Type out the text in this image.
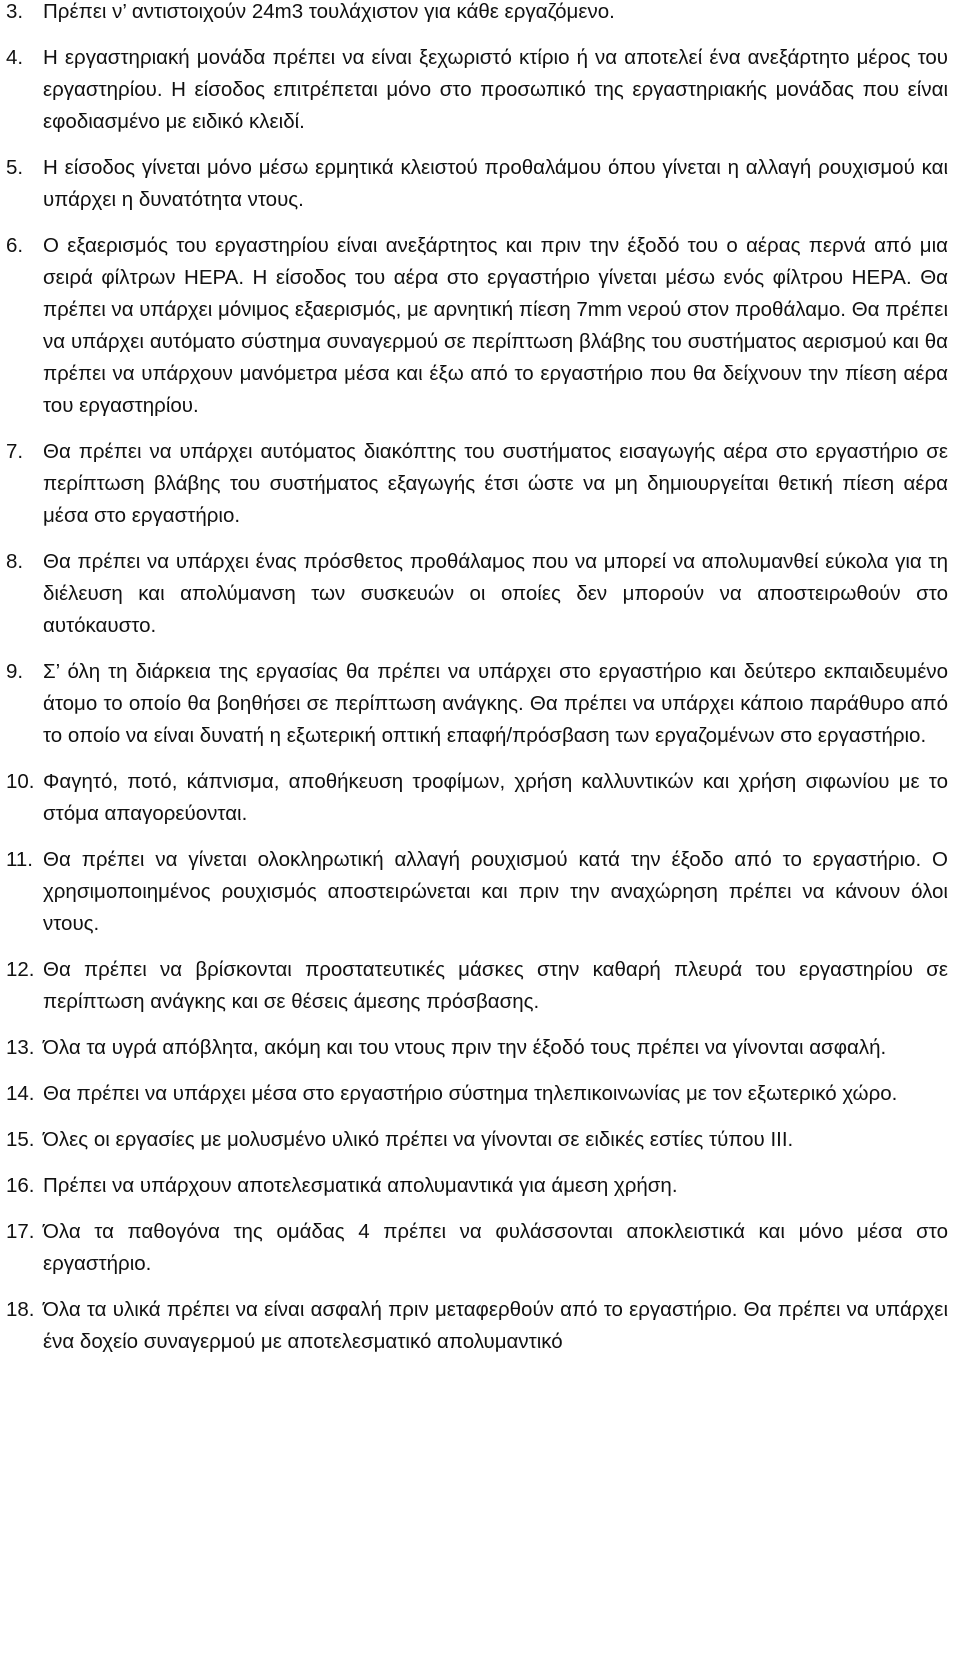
3. Πρέπει ν’ αντιστοιχούν 24m3 τουλάχιστον για κάθε εργαζόμενο.
4. Η εργαστηριακή μονάδα πρέπει να είναι ξεχωριστό κτίριο ή να αποτελεί ένα ανεξάρτητο μέρος του εργαστηρίου. Η είσοδος επιτρέπεται μόνο στο προσωπικό της εργαστηριακής μονάδας που είναι εφοδιασμένο με ειδικό κλειδί.
5. Η είσοδος γίνεται μόνο μέσω ερμητικά κλειστού προθαλάμου όπου γίνεται η αλλαγή ρουχισμού και υπάρχει η δυνατότητα ντους.
6. Ο εξαερισμός του εργαστηρίου είναι ανεξάρτητος και πριν την έξοδό του ο αέρας περνά από μια σειρά φίλτρων HEPA. Η είσοδος του αέρα στο εργαστήριο γίνεται μέσω ενός φίλτρου HEPA. Θα πρέπει να υπάρχει μόνιμος εξαερισμός, με αρνητική πίεση 7mm νερού στον προθάλαμο. Θα πρέπει να υπάρχει αυτόματο σύστημα συναγερμού σε περίπτωση βλάβης του συστήματος αερισμού και θα πρέπει να υπάρχουν μανόμετρα μέσα και έξω από το εργαστήριο που θα δείχνουν την πίεση αέρα του εργαστηρίου.
7. Θα πρέπει να υπάρχει αυτόματος διακόπτης του συστήματος εισαγωγής αέρα στο εργαστήριο σε περίπτωση βλάβης του συστήματος εξαγωγής έτσι ώστε να μη δημιουργείται θετική πίεση αέρα μέσα στο εργαστήριο.
8. Θα πρέπει να υπάρχει ένας πρόσθετος προθάλαμος που να μπορεί να απολυμανθεί εύκολα για τη διέλευση και απολύμανση των συσκευών οι οποίες δεν μπορούν να αποστειρωθούν στο αυτόκαυστο.
9. Σ’ όλη τη διάρκεια της εργασίας θα πρέπει να υπάρχει στο εργαστήριο και δεύτερο εκπαιδευμένο άτομο το οποίο θα βοηθήσει σε περίπτωση ανάγκης. Θα πρέπει να υπάρχει κάποιο παράθυρο από το οποίο να είναι δυνατή η εξωτερική οπτική επαφή/πρόσβαση των εργαζομένων στο εργαστήριο.
10. Φαγητό, ποτό, κάπνισμα, αποθήκευση τροφίμων, χρήση καλλυντικών και χρήση σιφωνίου με το στόμα απαγορεύονται.
11. Θα πρέπει να γίνεται ολοκληρωτική αλλαγή ρουχισμού κατά την έξοδο από το εργαστήριο. Ο χρησιμοποιημένος ρουχισμός αποστειρώνεται και πριν την αναχώρηση πρέπει να κάνουν όλοι ντους.
12. Θα πρέπει να βρίσκονται προστατευτικές μάσκες στην καθαρή πλευρά του εργαστηρίου σε περίπτωση ανάγκης και σε θέσεις άμεσης πρόσβασης.
13. Όλα τα υγρά απόβλητα, ακόμη και του ντους πριν την έξοδό τους πρέπει να γίνονται ασφαλή.
14. Θα πρέπει να υπάρχει μέσα στο εργαστήριο σύστημα τηλεπικοινωνίας με τον εξωτερικό χώρο.
15. Όλες οι εργασίες με μολυσμένο υλικό πρέπει να γίνονται σε ειδικές εστίες τύπου ΙΙΙ.
16. Πρέπει να υπάρχουν αποτελεσματικά απολυμαντικά για άμεση χρήση.
17. Όλα τα παθογόνα της ομάδας 4 πρέπει να φυλάσσονται αποκλειστικά και μόνο μέσα στο εργαστήριο.
18. Όλα τα υλικά πρέπει να είναι ασφαλή πριν μεταφερθούν από το εργαστήριο. Θα πρέπει να υπάρχει ένα δοχείο συναγερμού με αποτελεσματικό απολυμαντικό
